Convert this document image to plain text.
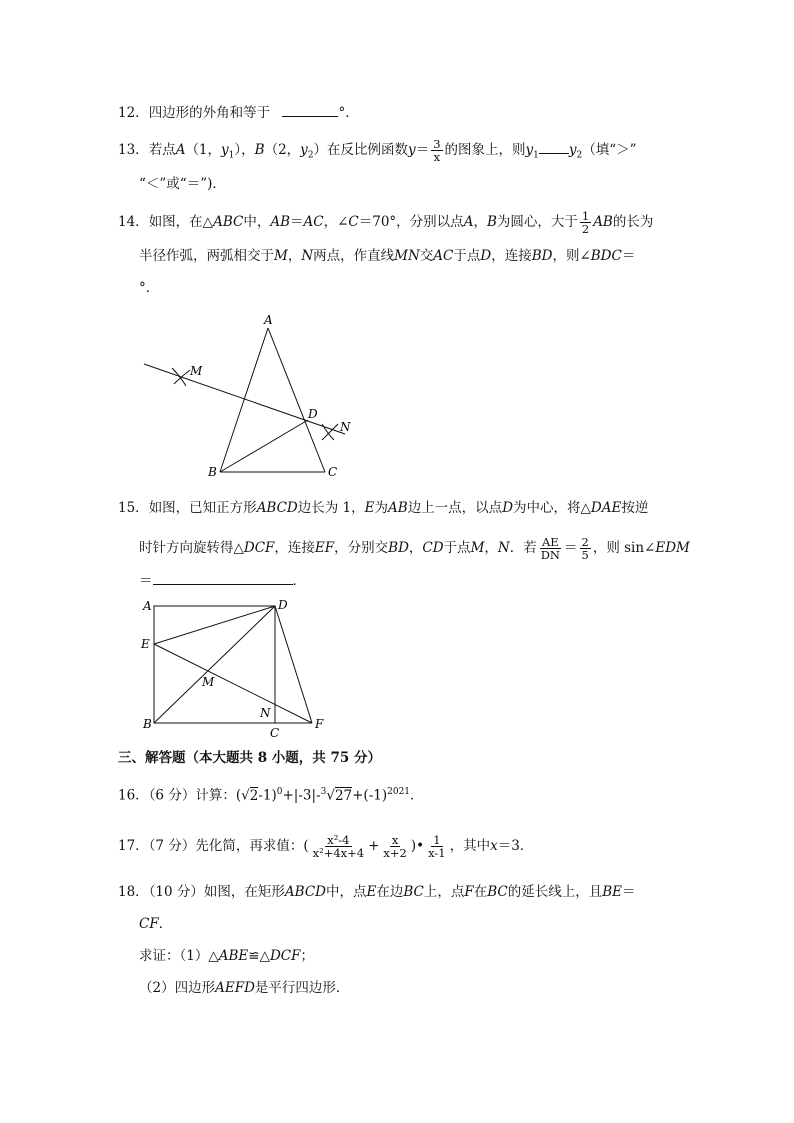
12．四边形的外角和等于	°．
13．若点A（1，$y_1$），B（2，$y_2$）在反比例函数$y= \frac{3}{x}$ 的图象上，则$y_1$ $y_2$（填“＞”
“＜”或“＝”)．
14．如图，在△ABC中，AB＝AC，∠C＝70°，分别以点A，B为圆心，大于 $\frac{1}{2}$ AB的长为
半径作弧，两弧相交于M，N两点，作直线MN交AC于点D，连接BD，则∠BDC＝
°．
A
B	C
D
M
N
15．如图，已知正方形ABCD边长为 1，E为AB边上一点，以点D为中心，将△DAE按逆
时针方向旋转得△DCF，连接EF，分别交BD，CD于点M，N．若 $\frac{AE}{DN} = \frac{2}{5}$ ，则 sin∠EDM
＝	．
A	D
E
M
N
B
C
F
三、解答题（本大题共 8 小题，共 75 分）
16．（6 分）计算：$(√2-1)^0+|-3|-^3√27+(-1)^{2021}$．
17．（7 分）先化简，再求值：( $\frac{\text{x²-4}}{\text{x²+4x+4}} + \frac{x}{x+2}$ )• $\frac{1}{x-1}$ ，其中x＝3．
18．（10 分）如图，在矩形ABCD中，点E在边BC上，点F在BC的延长线上，且BE＝
CF．
求证：（1）△ABE≌△DCF；
（2）四边形AEFD是平行四边形．
